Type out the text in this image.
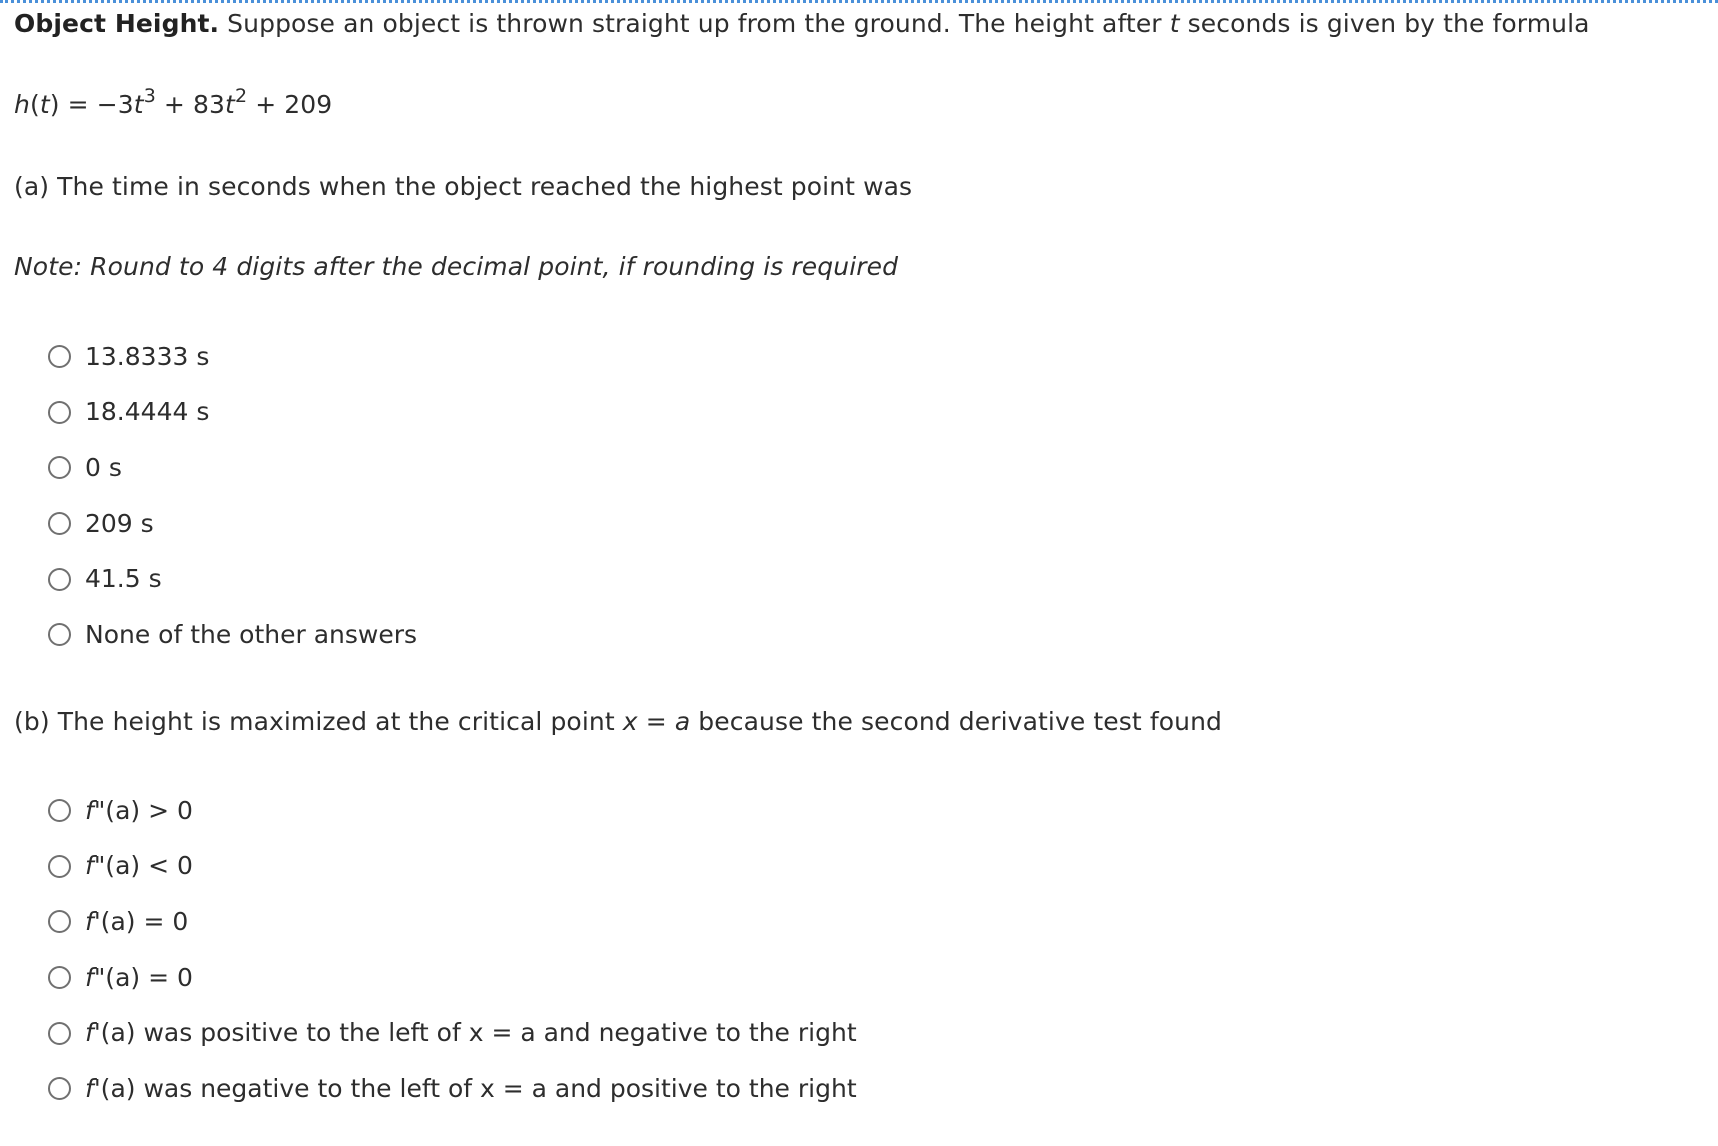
Object Height. Suppose an object is thrown straight up from the ground. The height after t seconds is given by the formula
$h(t) = -3t^3 + 83t^2 + 209$
(a) The time in seconds when the object reached the highest point was
Note: Round to 4 digits after the decimal point, if rounding is required
13.8333 s
18.4444 s
0 s
209 s
41.5 s
None of the other answers
(b) The height is maximized at the critical point x = a because the second derivative test found
f"(a) > 0
f"(a) < 0
f'(a) = 0
f"(a) = 0
f'(a) was positive to the left of x = a and negative to the right
f'(a) was negative to the left of x = a and positive to the right
